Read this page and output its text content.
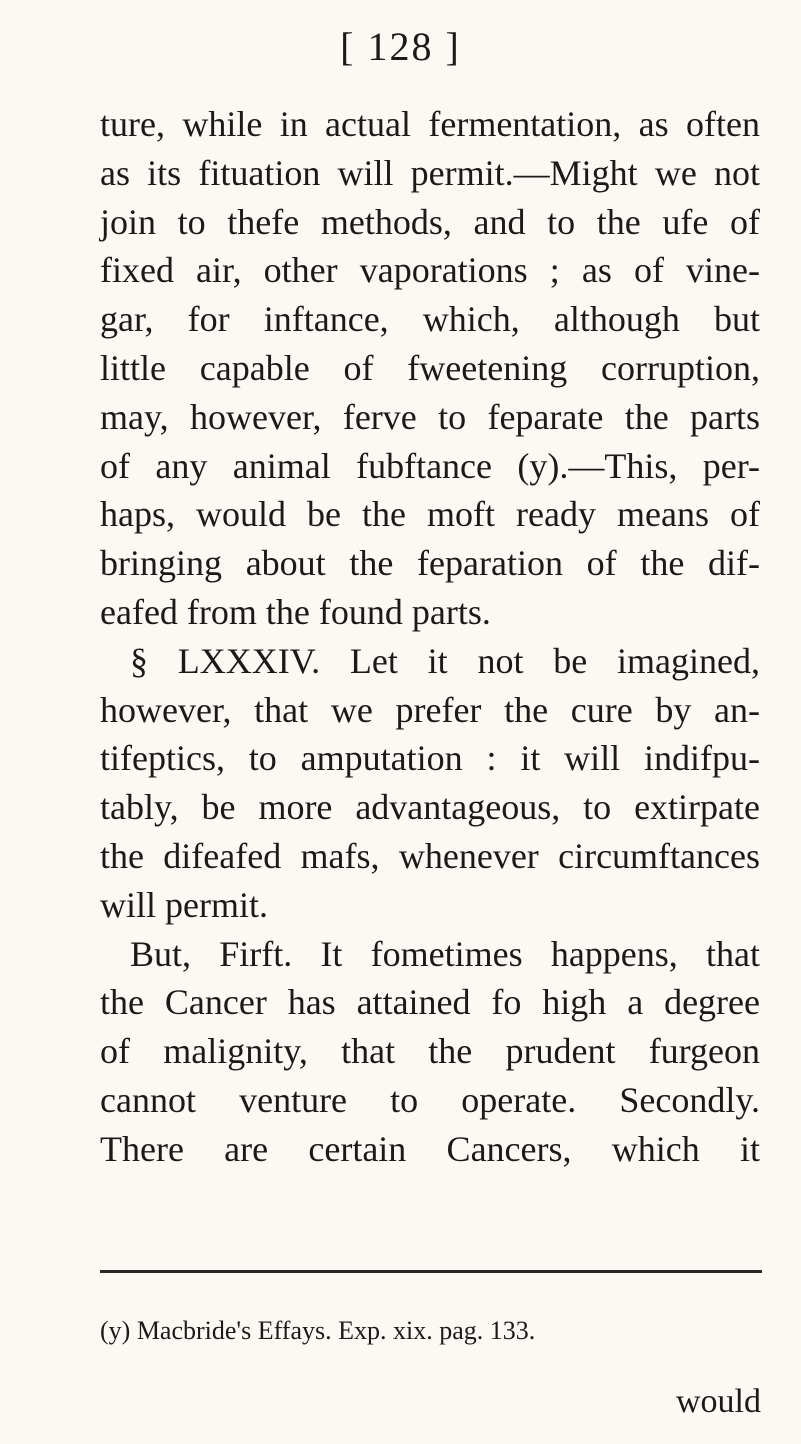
[ 128 ]
ture, while in actual fermentation, as often
as its fituation will permit.—Might we not
join to thefe methods, and to the ufe of
fixed air, other vaporations ; as of vine-
gar, for inftance, which, although but
little capable of fweetening corruption,
may, however, ferve to feparate the parts
of any animal fubftance (y).—This, per-
haps, would be the moft ready means of
bringing about the feparation of the dif-
eafed from the found parts.
§ LXXXIV. Let it not be imagined,
however, that we prefer the cure by an-
tifeptics, to amputation : it will indifpu-
tably, be more advantageous, to extirpate
the difeafed mafs, whenever circumftances
will permit.
But, Firft. It fometimes happens, that
the Cancer has attained fo high a degree
of malignity, that the prudent furgeon
cannot venture to operate. Secondly.
There are certain Cancers, which it
(y) Macbride's Effays. Exp. xix. pag. 133.
would
